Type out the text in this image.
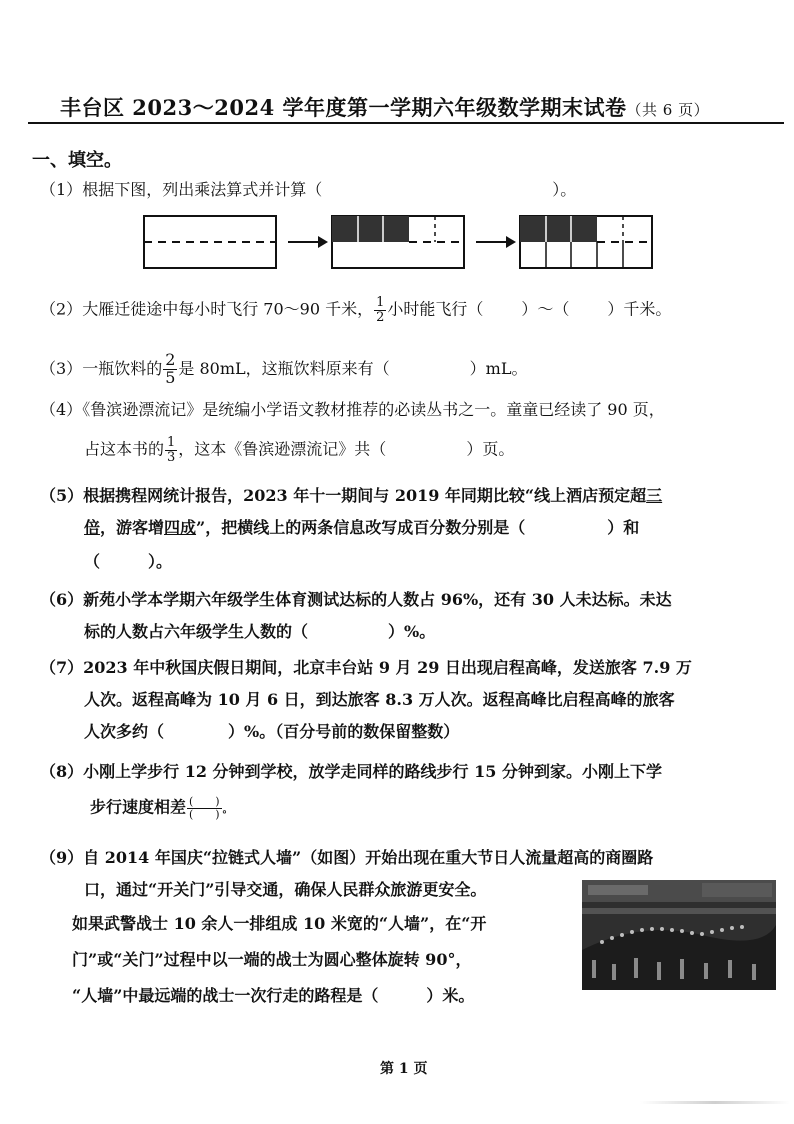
丰台区 2023～2024 学年度第一学期六年级数学期末试卷（共 6 页）
一、填空。
（1）根据下图，列出乘法算式并计算（	）。
（2）大雁迁徙途中每小时飞行 70～90 千米， $\frac{1}{2}$ 小时能飞行（ ）～（ ）千米。
（3）一瓶饮料的 $\frac{2}{5}$ 是 80mL，这瓶饮料原来有（	）mL。
（4）《鲁滨逊漂流记》是统编小学语文教材推荐的必读丛书之一。童童已经读了 90 页，
占这本书的 $\frac{1}{3}$ ，这本《鲁滨逊漂流记》共（	）页。
（5）根据携程网统计报告，2023 年十一期间与 2019 年同期比较“线上酒店预定超三
倍，游客增四成”，把横线上的两条信息改写成百分数分别是（	）和
（　　　）。
（6）新苑小学本学期六年级学生体育测试达标的人数占 96%，还有 30 人未达标。未达
标的人数占六年级学生人数的（　　　　　）%。
（7）2023 年中秋国庆假日期间，北京丰台站 9 月 29 日出现启程高峰，发送旅客 7.9 万
人次。返程高峰为 10 月 6 日，到达旅客 8.3 万人次。返程高峰比启程高峰的旅客
人次多约（　　　　）%。（百分号前的数保留整数）
（8）小刚上学步行 12 分钟到学校，放学走同样的路线步行 15 分钟到家。小刚上下学
步行速度相差 $\frac{( )}{( )}$ 。
（9）自 2014 年国庆“拉链式人墙”（如图）开始出现在重大节日人流量超高的商圈路
口，通过“开关门”引导交通，确保人民群众旅游更安全。
如果武警战士 10 余人一排组成 10 米宽的“人墙”，在“开
门”或“关门”过程中以一端的战士为圆心整体旋转 90°，
“人墙”中最远端的战士一次行走的路程是（　　　）米。
第 1 页
